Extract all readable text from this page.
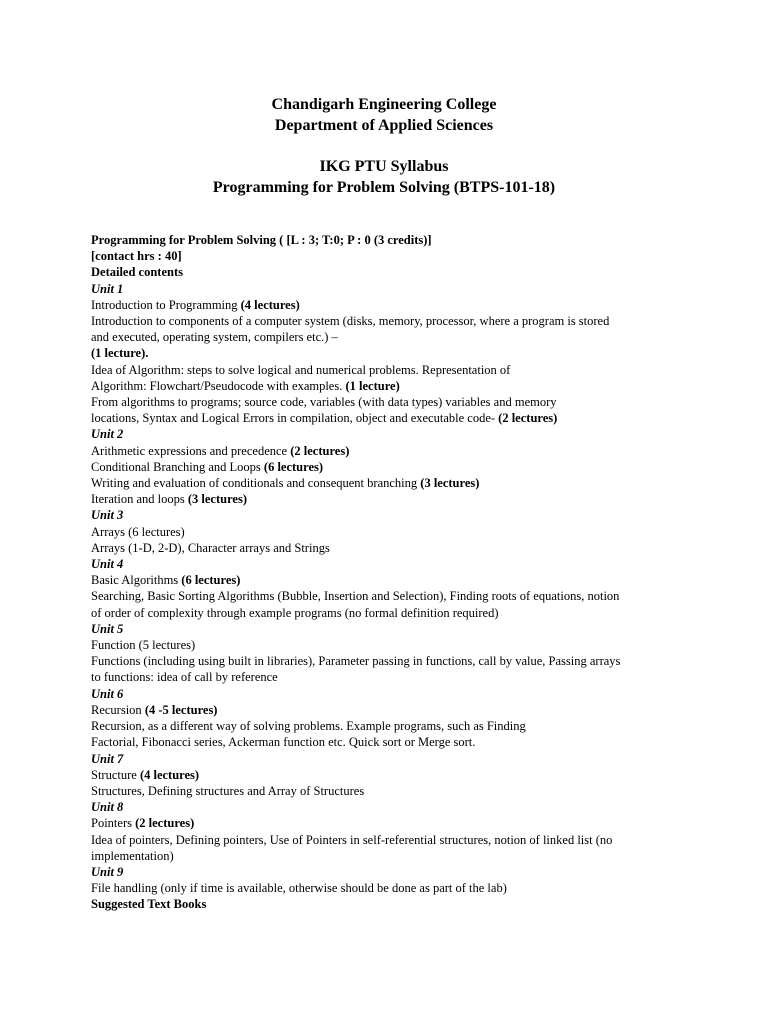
Chandigarh Engineering College
Department of Applied Sciences
IKG PTU Syllabus
Programming for Problem Solving (BTPS-101-18)
Programming for Problem Solving ( [L : 3; T:0; P : 0 (3 credits)]
[contact hrs : 40]
Detailed contents
Unit 1
Introduction to Programming (4 lectures)
Introduction to components of a computer system (disks, memory, processor, where a program is stored
and executed, operating system, compilers etc.) –
(1 lecture).
Idea of Algorithm: steps to solve logical and numerical problems. Representation of
Algorithm: Flowchart/Pseudocode with examples. (1 lecture)
From algorithms to programs; source code, variables (with data types) variables and memory
locations, Syntax and Logical Errors in compilation, object and executable code- (2 lectures)
Unit 2
Arithmetic expressions and precedence (2 lectures)
Conditional Branching and Loops (6 lectures)
Writing and evaluation of conditionals and consequent branching (3 lectures)
Iteration and loops (3 lectures)
Unit 3
Arrays (6 lectures)
Arrays (1-D, 2-D), Character arrays and Strings
Unit 4
Basic Algorithms (6 lectures)
Searching, Basic Sorting Algorithms (Bubble, Insertion and Selection), Finding roots of equations, notion
of order of complexity through example programs (no formal definition required)
Unit 5
Function (5 lectures)
Functions (including using built in libraries), Parameter passing in functions, call by value, Passing arrays
to functions: idea of call by reference
Unit 6
Recursion (4 -5 lectures)
Recursion, as a different way of solving problems. Example programs, such as Finding
Factorial, Fibonacci series, Ackerman function etc. Quick sort or Merge sort.
Unit 7
Structure (4 lectures)
Structures, Defining structures and Array of Structures
Unit 8
Pointers (2 lectures)
Idea of pointers, Defining pointers, Use of Pointers in self-referential structures, notion of linked list (no
implementation)
Unit 9
File handling (only if time is available, otherwise should be done as part of the lab)
Suggested Text Books
